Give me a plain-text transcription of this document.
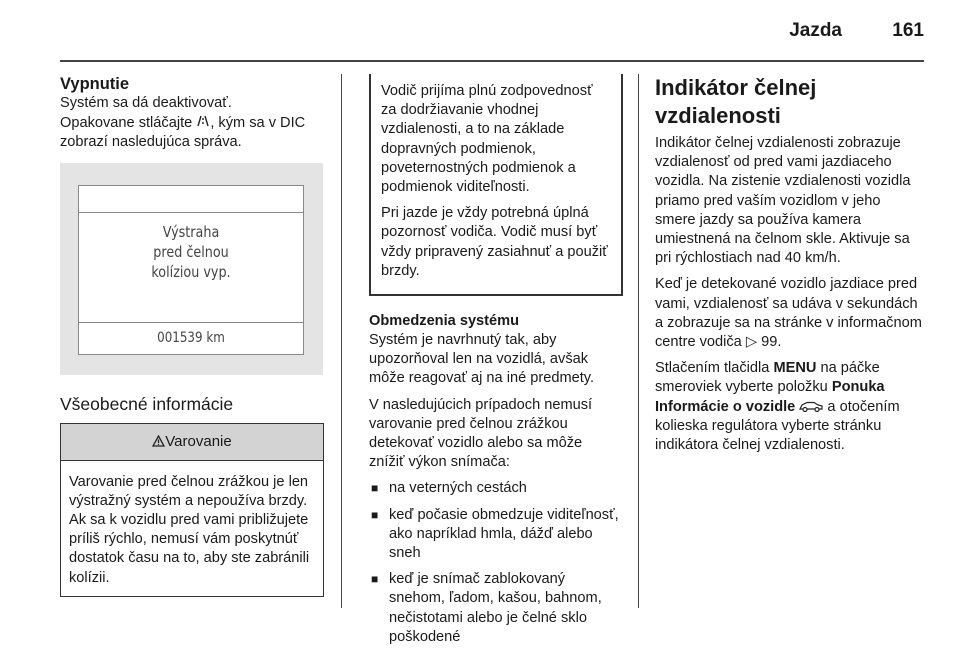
Jazda	161
Vypnutie

Systém sa dá deaktivovať.

Opakovane stláčajte , kým sa v DIC zobrazí nasledujúca správa.

Výstraha
pred čelnou
kolíziou vyp.
001539 km
Všeobecné informácie
Varovanie
Varovanie pred čelnou zrážkou je len výstražný systém a nepoužíva brzdy. Ak sa k vozidlu pred vami približujete príliš rýchlo, nemusí vám poskytnúť dostatok času na to, aby ste zabránili kolízii.

Vodič prijíma plnú zodpovednosť za dodržiavanie vhodnej vzdialenosti, a to na základe dopravných podmienok, poveternostných podmienok a podmienok viditeľnosti.

Pri jazde je vždy potrebná úplná pozornosť vodiča. Vodič musí byť vždy pripravený zasiahnuť a použiť brzdy.

Obmedzenia systému

Systém je navrhnutý tak, aby upozorňoval len na vozidlá, avšak môže reagovať aj na iné predmety.

V nasledujúcich prípadoch nemusí varovanie pred čelnou zrážkou detekovať vozidlo alebo sa môže znížiť výkon snímača:

■ na veterných cestách
■ keď počasie obmedzuje viditeľnosť, ako napríklad hmla, dážď alebo sneh
■ keď je snímač zablokovaný snehom, ľadom, kašou, bahnom, nečistotami alebo je čelné sklo poškodené
Indikátor čelnej vzdialenosti

Indikátor čelnej vzdialenosti zobrazuje vzdialenosť od pred vami jazdiaceho vozidla. Na zistenie vzdialenosti vozidla priamo pred vaším vozidlom v jeho smere jazdy sa používa kamera umiestnená na čelnom skle. Aktivuje sa pri rýchlostiach nad 40 km/h.

Keď je detekované vozidlo jazdiace pred vami, vzdialenosť sa udáva v sekundách a zobrazuje sa na stránke v informačnom centre vodiča ▷ 99.

Stlačením tlačidla MENU na páčke smeroviek vyberte položku Ponuka Informácie o vozidle a otočením kolieska regulátora vyberte stránku indikátora čelnej vzdialenosti.
